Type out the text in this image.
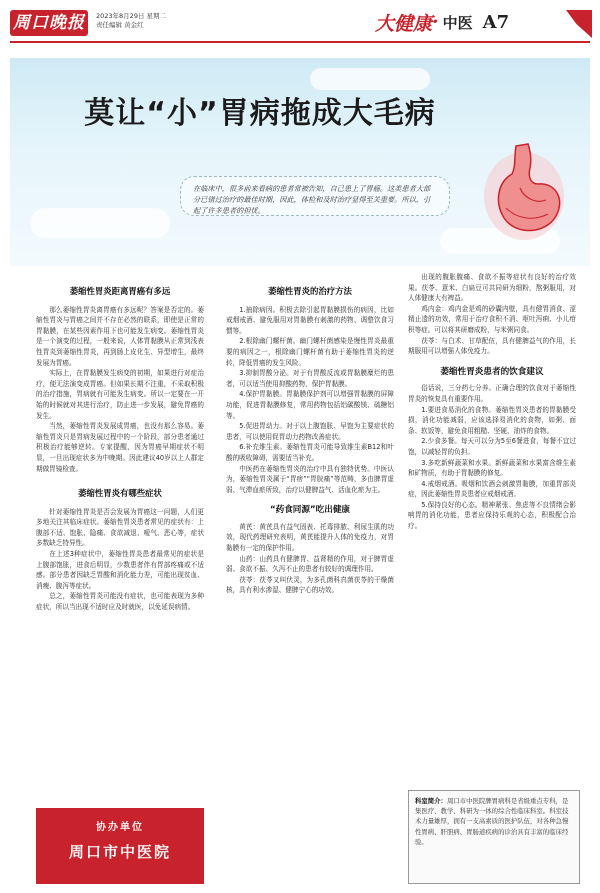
周口晚报	2023年8月29日 星期二
责任编辑 黄金红	大健康 · 中医 A7
莫让“小”胃病拖成大毛病
在临床中，很多前来看病的患者常被告知，自己患上了胃癌。这类患者大部分已错过治疗的最佳时期，因此，体检和及时治疗显得至关重要。所以，引起了许多患者的担忧。
萎缩性胃炎距离胃癌有多远

那么萎缩性胃炎离胃癌有多远呢？答案是否定的。萎缩性胃炎与胃癌之间并不存在必然的联系，即使是正常的胃黏膜，在某些因素作用下也可能发生病变。萎缩性胃炎是一个演变的过程，一般来说，人体胃黏膜从正常到浅表性胃炎到萎缩性胃炎，再到肠上皮化生、异型增生，最终发展为胃癌。

实际上，在胃黏膜发生病变的初期，如果进行对症治疗，便无法演变成胃癌。但如果长期不注重，不采取积极的治疗措施，胃病就有可能发生病变。所以一定要在一开始的时候就对其进行治疗，防止进一步发展，避免胃癌的发生。

当然，萎缩性胃炎发展成胃癌，也没有那么容易。萎缩性胃炎只是胃病发展过程中的一个阶段，部分患者通过积极治疗能够逆转。专家提醒，因为胃癌早期症状不明显，一旦出现症状多为中晚期。因此建议40岁以上人群定期做胃镜检查。

萎缩性胃炎有哪些症状

针对萎缩性胃炎是否会发展为胃癌这一问题，人们更多地关注其临床症状。萎缩性胃炎患者常见的症状有：上腹部不适、饱胀、隐痛、食欲减退、嗳气、恶心等，症状多数缺乏特异性。

在上述3种症状中，萎缩性胃炎患者最常见的症状是上腹部饱胀，进食后明显，少数患者伴有胃部疼痛或不适感。部分患者因缺乏胃酸和消化能力差，可能出现贫血、消瘦、腹泻等症状。

总之，萎缩性胃炎可能没有症状，也可能表现为多种症状，所以当出现不适时应及时就医，以免延误病情。

萎缩性胃炎的治疗方法

1.抽除病因。积极去除引起胃黏膜损伤的病因，比如戒烟戒酒、避免服用对胃黏膜有刺激的药物、调整饮食习惯等。

2.根除幽门螺杆菌。幽门螺杆菌感染是慢性胃炎最重要的病因之一，根除幽门螺杆菌有助于萎缩性胃炎的逆转，降低胃癌的发生风险。

3.抑制胃酸分泌。对于有胃酸反流或胃黏膜糜烂的患者，可以适当使用抑酸药物，保护胃黏膜。

4.保护胃黏膜。胃黏膜保护剂可以增强胃黏膜的屏障功能，促进胃黏膜修复，常用药物包括铝碳酸镁、硫糖铝等。

5.促进胃动力。对于以上腹饱胀、早饱为主要症状的患者，可以使用促胃动力药物改善症状。

6.补充维生素。萎缩性胃炎可能导致维生素B12和叶酸的吸收障碍，需要适当补充。

中医药在萎缩性胃炎的治疗中具有独特优势。中医认为，萎缩性胃炎属于“胃痞”“胃脘痛”等范畴，多由脾胃虚弱、气滞血瘀所致，治疗以健脾益气、活血化瘀为主。

“药食同源”吃出健康

黄芪：黄芪具有益气固表、托毒排脓、利尿生肌的功效，现代药理研究表明，黄芪能提升人体的免疫力，对胃黏膜有一定的保护作用。

山药：山药具有健脾胃、益肾精的作用，对于脾胃虚弱、食欲不振、久泻不止的患者有较好的调理作用。

茯苓：茯苓又叫伏灵，为多孔菌科真菌茯苓的干燥菌核，具有利水渗湿、健脾宁心的功效。

出现的腹胀腹痛、食欲不振等症状有良好的治疗效果。茯苓、薏米、白扁豆可共同研为细粉，熬粥服用，对人体健康大有裨益。

鸡内金：鸡内金是鸡的砂囊内壁，具有健胃消食、涩精止遗的功效，常用于治疗食积不消、呕吐泻痢、小儿疳积等症。可以将其研磨成粉，与米粥同食。

茯苓：与白术、甘草配伍，具有健脾益气的作用，长期服用可以增强人体免疫力。

萎缩性胃炎患者的饮食建议

俗话说，三分药七分养。正确合理的饮食对于萎缩性胃炎的恢复具有重要作用。

1.要进食易消化的食物。萎缩性胃炎患者的胃黏膜受损，消化功能减弱，应该选择易消化的食物，如粥、面条、软饭等，避免食用粗糙、坚硬、油炸的食物。

2.少食多餐。每天可以分为5至6餐进食，每餐不宜过饱，以减轻胃的负担。

3.多吃新鲜蔬菜和水果。新鲜蔬菜和水果富含维生素和矿物质，有助于胃黏膜的修复。

4.戒烟戒酒。吸烟和饮酒会刺激胃黏膜，加重胃部炎症，因此萎缩性胃炎患者应戒烟戒酒。

5.保持良好的心态。精神紧张、焦虑等不良情绪会影响胃的消化功能，患者应保持乐观的心态，积极配合治疗。

协办单位
周口市中医院
科室简介：周口市中医院脾胃病科是省级重点专科，是集医疗、教学、科研为一体的综合性临床科室。科室技术力量雄厚，拥有一支高素质的医护队伍，对各种急慢性胃病、肝胆病、胃肠道疾病的诊治具有丰富的临床经验。
